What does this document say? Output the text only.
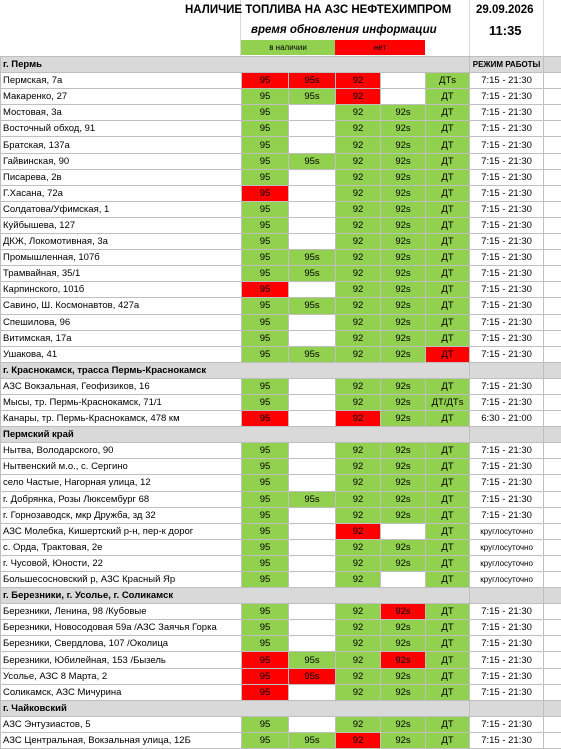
НАЛИЧИЕ ТОПЛИВА НА АЗС НЕФТЕХИМПРОМ 29.09.2026
время обновления информации	11:35
в наличии	нет
г. Пермь						РЕЖИМ РАБОТЫ	
Пермская, 7а	95	95s	92		ДТs	7:15 - 21:30	
Макаренко, 27	95	95s	92		ДТ	7:15 - 21:30	
Мостовая, 3а	95		92	92s	ДТ	7:15 - 21:30	
Восточный обход, 91	95		92	92s	ДТ	7:15 - 21:30	
Братская, 137а	95		92	92s	ДТ	7:15 - 21:30	
Гайвинская, 90	95	95s	92	92s	ДТ	7:15 - 21:30	
Писарева, 2в	95		92	92s	ДТ	7:15 - 21:30	
Г.Хасана, 72а	95		92	92s	ДТ	7:15 - 21:30	
Солдатова/Уфимская, 1	95		92	92s	ДТ	7:15 - 21:30	
Куйбышева, 127	95		92	92s	ДТ	7:15 - 21:30	
ДКЖ, Локомотивная, 3а	95		92	92s	ДТ	7:15 - 21:30	
Промышленная, 107б	95	95s	92	92s	ДТ	7:15 - 21:30	
Трамвайная, 35/1	95	95s	92	92s	ДТ	7:15 - 21:30	
Карпинского, 101б	95		92	92s	ДТ	7:15 - 21:30	
Савино, Ш. Космонавтов, 427а	95	95s	92	92s	ДТ	7:15 - 21:30	
Спешилова, 96	95		92	92s	ДТ	7:15 - 21:30	
Витимская, 17а	95		92	92s	ДТ	7:15 - 21:30	
Ушакова, 41	95	95s	92	92s	ДТ	7:15 - 21:30	
г. Краснокамск, трасса Пермь-Краснокамск							
АЗС Вокзальная, Геофизиков, 16	95		92	92s	ДТ	7:15 - 21:30	
Мысы, тр. Пермь-Краснокамск, 71/1	95		92	92s	ДТ/ДТs	7:15 - 21:30	
Канары, тр. Пермь-Краснокамск, 478 км	95		92	92s	ДТ	6:30 - 21:00	
Пермский край							
Нытва, Володарского, 90	95		92	92s	ДТ	7:15 - 21:30	
Нытвенский м.о., с. Сергино	95		92	92s	ДТ	7:15 - 21:30	
село Частые, Нагорная улица, 12	95		92	92s	ДТ	7:15 - 21:30	
г. Добрянка, Розы Люксембург 68	95	95s	92	92s	ДТ	7:15 - 21:30	
г. Горнозаводск, мкр Дружба, зд 32	95		92	92s	ДТ	7:15 - 21:30	
АЗС Молебка, Кишертский р-н, пер-к дорог	95		92		ДТ	круглосуточно	
с. Орда, Трактовая, 2е	95		92	92s	ДТ	круглосуточно	
г. Чусовой, Юности, 22	95		92	92s	ДТ	круглосуточно	
Большесосновский р, АЗС Красный Яр	95		92		ДТ	круглосуточно	
г. Березники, г. Усолье, г. Соликамск							
Березники, Ленина, 98 /Кубовые	95		92	92s	ДТ	7:15 - 21:30	
Березники, Новосодовая 59а /АЗС Заячья Горка	95		92	92s	ДТ	7:15 - 21:30	
Березники, Свердлова, 107 /Околица	95		92	92s	ДТ	7:15 - 21:30	
Березники, Юбилейная, 153 /Бызель	95	95s	92	92s	ДТ	7:15 - 21:30	
Усолье, АЗС 8 Марта, 2	95	95s	92	92s	ДТ	7:15 - 21:30	
Соликамск, АЗС Мичурина	95		92	92s	ДТ	7:15 - 21:30	
г. Чайковский							
АЗС Энтузиастов, 5	95		92	92s	ДТ	7:15 - 21:30	
АЗС Центральная, Вокзальная улица, 12Б	95	95s	92	92s	ДТ	7:15 - 21:30	
